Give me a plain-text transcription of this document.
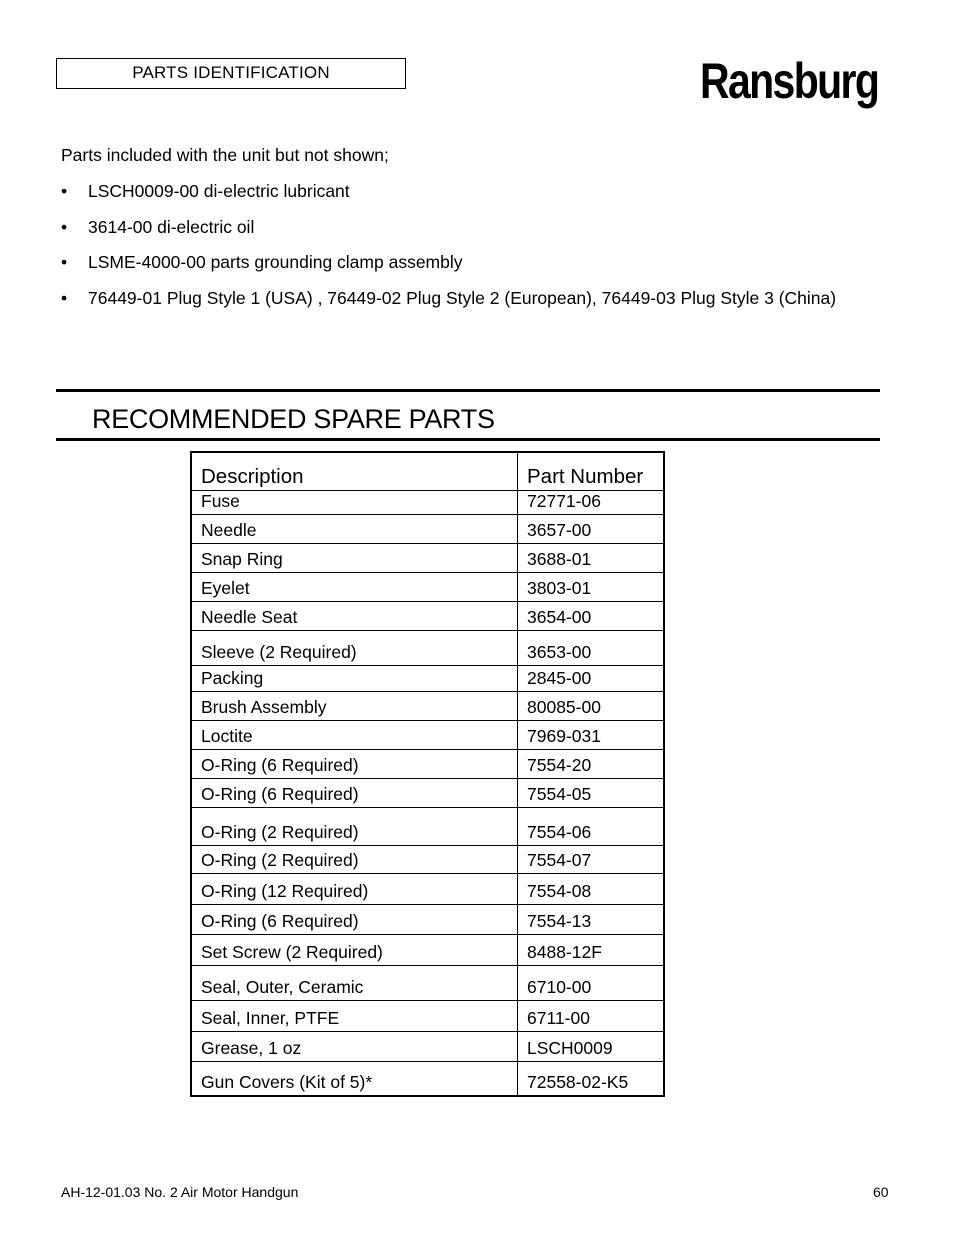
PARTS IDENTIFICATION	Ransburg
Parts included with the unit but not shown;
• LSCH0009-00 di-electric lubricant
• 3614-00 di-electric oil
• LSME-4000-00 parts grounding clamp assembly
• 76449-01 Plug Style 1 (USA) , 76449-02 Plug Style 2 (European), 76449-03 Plug Style 3 (China)
RECOMMENDED SPARE PARTS
Description	Part Number
Fuse	72771-06
Needle	3657-00
Snap Ring	3688-01
Eyelet	3803-01
Needle Seat	3654-00
Sleeve (2 Required)	3653-00
Packing	2845-00
Brush Assembly	80085-00
Loctite	7969-031
O-Ring (6 Required)	7554-20
O-Ring (6 Required)	7554-05
O-Ring (2 Required)	7554-06
O-Ring (2 Required)	7554-07
O-Ring (12 Required)	7554-08
O-Ring (6 Required)	7554-13
Set Screw (2 Required)	8488-12F
Seal, Outer, Ceramic	6710-00
Seal, Inner, PTFE	6711-00
Grease, 1 oz	LSCH0009
Gun Covers (Kit of 5)*	72558-02-K5
AH-12-01.03 No. 2 Air Motor Handgun	60
